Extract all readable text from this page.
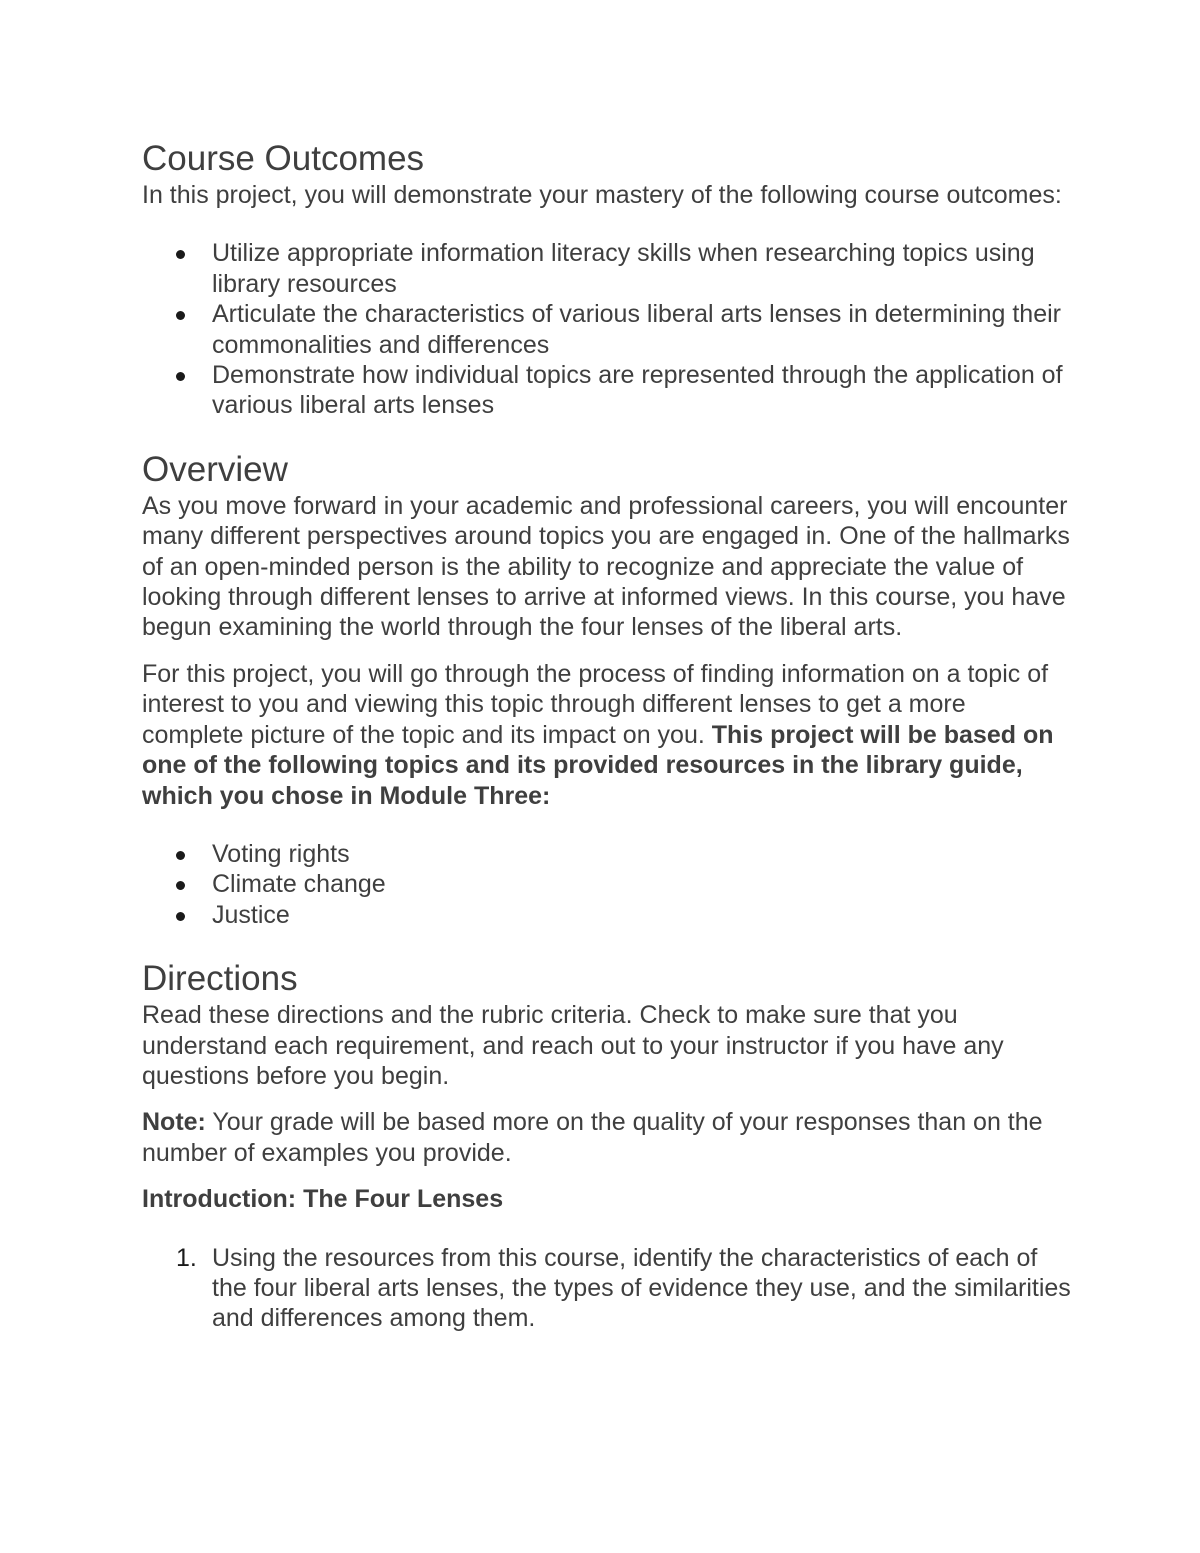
Course Outcomes
In this project, you will demonstrate your mastery of the following course outcomes:
Utilize appropriate information literacy skills when researching topics using library resources
Articulate the characteristics of various liberal arts lenses in determining their commonalities and differences
Demonstrate how individual topics are represented through the application of various liberal arts lenses
Overview
As you move forward in your academic and professional careers, you will encounter many different perspectives around topics you are engaged in. One of the hallmarks of an open-minded person is the ability to recognize and appreciate the value of looking through different lenses to arrive at informed views. In this course, you have begun examining the world through the four lenses of the liberal arts.
For this project, you will go through the process of finding information on a topic of interest to you and viewing this topic through different lenses to get a more complete picture of the topic and its impact on you. This project will be based on one of the following topics and its provided resources in the library guide, which you chose in Module Three:
Voting rights
Climate change
Justice
Directions
Read these directions and the rubric criteria. Check to make sure that you understand each requirement, and reach out to your instructor if you have any questions before you begin.
Note: Your grade will be based more on the quality of your responses than on the number of examples you provide.
Introduction: The Four Lenses
1. Using the resources from this course, identify the characteristics of each of the four liberal arts lenses, the types of evidence they use, and the similarities and differences among them.
